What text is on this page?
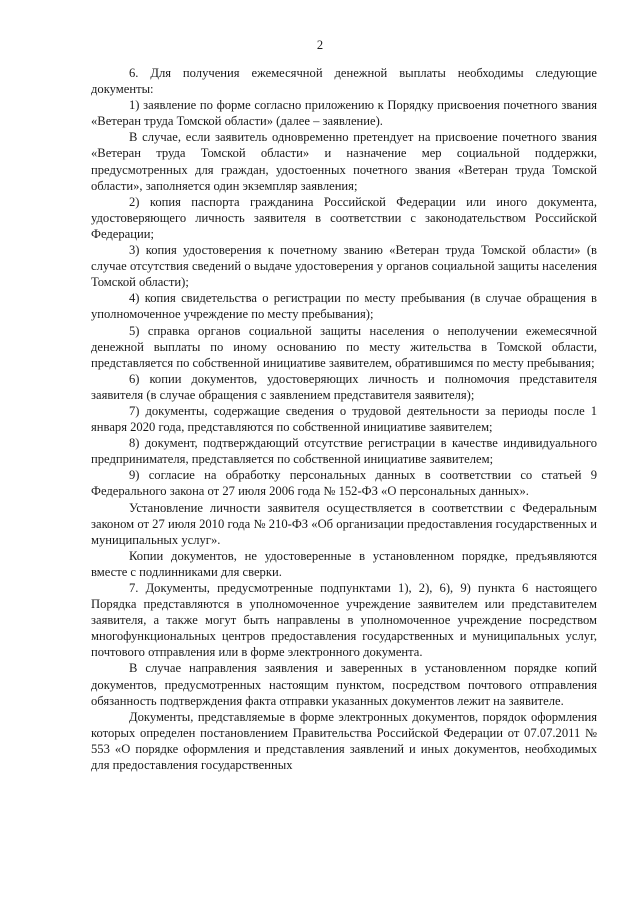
2

6. Для получения ежемесячной денежной выплаты необходимы следующие документы:

1) заявление по форме согласно приложению к Порядку присвоения почетного звания «Ветеран труда Томской области» (далее – заявление).

В случае, если заявитель одновременно претендует на присвоение почетного звания «Ветеран труда Томской области» и назначение мер социальной поддержки, предусмотренных для граждан, удостоенных почетного звания «Ветеран труда Томской области», заполняется один экземпляр заявления;

2) копия паспорта гражданина Российской Федерации или иного документа, удостоверяющего личность заявителя в соответствии с законодательством Российской Федерации;

3) копия удостоверения к почетному званию «Ветеран труда Томской области» (в случае отсутствия сведений о выдаче удостоверения у органов социальной защиты населения Томской области);

4) копия свидетельства о регистрации по месту пребывания (в случае обращения в уполномоченное учреждение по месту пребывания);

5) справка органов социальной защиты населения о неполучении ежемесячной денежной выплаты по иному основанию по месту жительства в Томской области, представляется по собственной инициативе заявителем, обратившимся по месту пребывания;

6) копии документов, удостоверяющих личность и полномочия представителя заявителя (в случае обращения с заявлением представителя заявителя);

7) документы, содержащие сведения о трудовой деятельности за периоды после 1 января 2020 года, представляются по собственной инициативе заявителем;

8) документ, подтверждающий отсутствие регистрации в качестве индивидуального предпринимателя, представляется по собственной инициативе заявителем;

9) согласие на обработку персональных данных в соответствии со статьей 9 Федерального закона от 27 июля 2006 года № 152-ФЗ «О персональных данных».

Установление личности заявителя осуществляется в соответствии с Федеральным законом от 27 июля 2010 года № 210-ФЗ «Об организации предоставления государственных и муниципальных услуг».

Копии документов, не удостоверенные в установленном порядке, предъявляются вместе с подлинниками для сверки.

7. Документы, предусмотренные подпунктами 1), 2), 6), 9) пункта 6 настоящего Порядка представляются в уполномоченное учреждение заявителем или представителем заявителя, а также могут быть направлены в уполномоченное учреждение посредством многофункциональных центров предоставления государственных и муниципальных услуг, почтового отправления или в форме электронного документа.

В случае направления заявления и заверенных в установленном порядке копий документов, предусмотренных настоящим пунктом, посредством почтового отправления обязанность подтверждения факта отправки указанных документов лежит на заявителе.

Документы, представляемые в форме электронных документов, порядок оформления которых определен постановлением Правительства Российской Федерации от 07.07.2011 № 553 «О порядке оформления и представления заявлений и иных документов, необходимых для предоставления государственных
